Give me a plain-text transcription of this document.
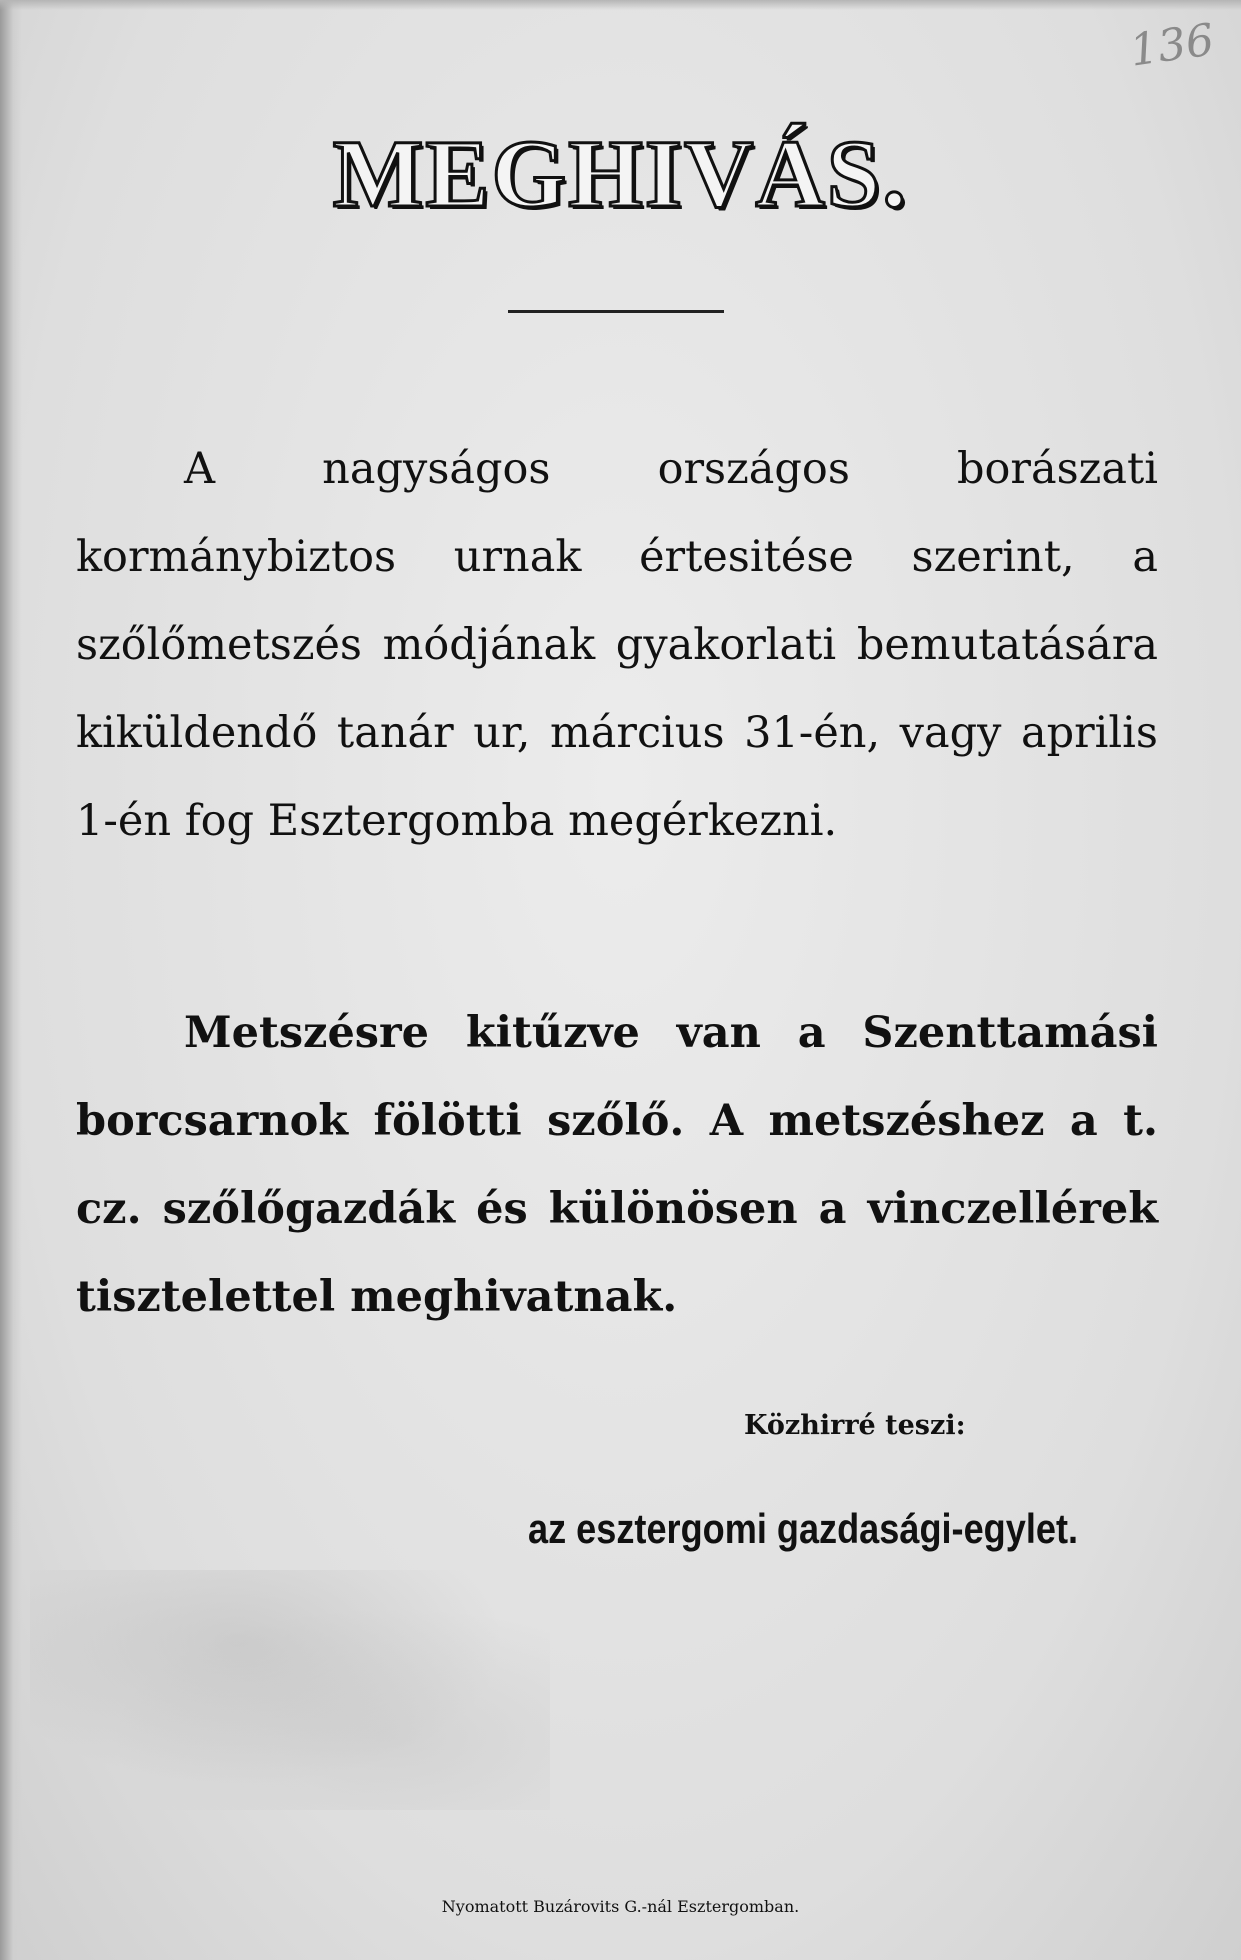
136
MEGHIVÁS.

A nagyságos országos borászati kormánybiztos urnak értesitése szerint, a szőlőmetszés módjának gyakorlati bemutatására kiküldendő tanár ur, március 31-én, vagy aprilis 1-én fog Esztergomba megérkezni.

Metszésre kitűzve van a Szenttamási borcsarnok fölötti szőlő. A metszéshez a t. cz. szőlőgazdák és különösen a vinczellérek tisztelettel meghivatnak.

Közhirré teszi:
az esztergomi gazdasági-egylet.
Nyomatott Buzárovits G.-nál Esztergomban.
